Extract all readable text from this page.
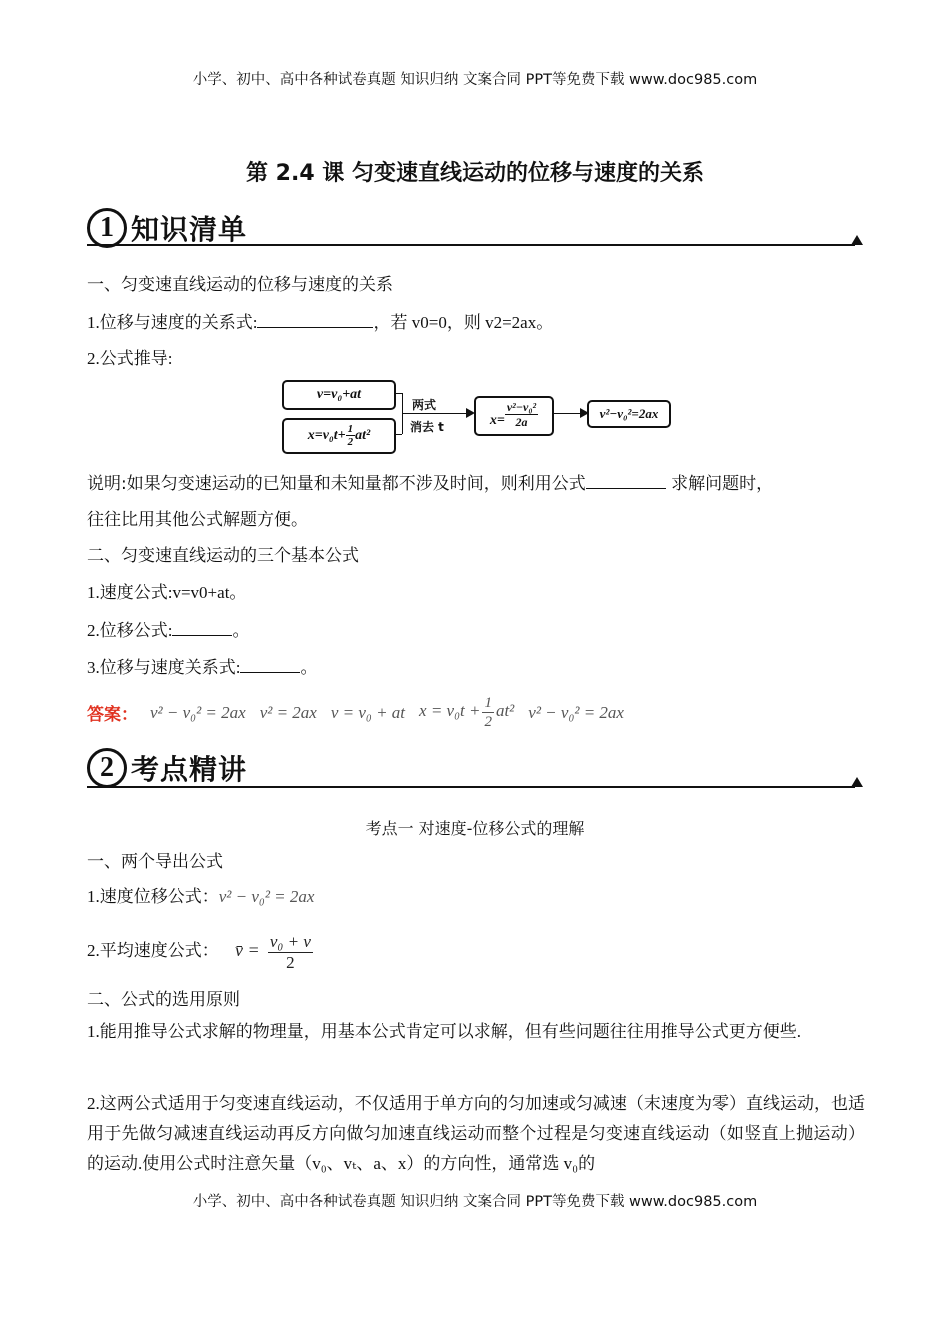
小学、初中、高中各种试卷真题 知识归纳 文案合同 PPT等免费下载 www.doc985.com
第 2.4 课 匀变速直线运动的位移与速度的关系
1 知识清单
一、匀变速直线运动的位移与速度的关系
1.位移与速度的关系式:	，若 v0=0，则 v2=2ax。
2.公式推导:
v=v₀+at
$x=v_0t+ \frac{1}{2} at^2$
两式
消去 t	$x= \frac{\text{v²−v₀²}}{2a}$	v²−v₀²=2ax
说明:如果匀变速运动的已知量和未知量都不涉及时间，则利用公式	求解问题时，
往往比用其他公式解题方便。
二、匀变速直线运动的三个基本公式
1.速度公式:v=v0+at。
2.位移公式:	。
3.位移与速度关系式:	。
答案： v² − v₀² = 2ax v² = 2ax v = v₀ + at $x = v_0t + \frac{1}{2} at^2$ v² − v₀² = 2ax
2 考点精讲
考点一 对速度-位移公式的理解
一、两个导出公式
1.速度位移公式：v² − v₀² = 2ax
2.平均速度公式： v̄ = $\frac{\text{v₀ + v}}{2}$
二、公式的选用原则
1.能用推导公式求解的物理量，用基本公式肯定可以求解，但有些问题往往用推导公式更方便些.
2.这两公式适用于匀变速直线运动，不仅适用于单方向的匀加速或匀减速（末速度为零）直线运动，也适用于先做匀减速直线运动再反方向做匀加速直线运动而整个过程是匀变速直线运动（如竖直上抛运动）的运动.使用公式时注意矢量（v₀、vₜ、a、x）的方向性，通常选 v₀的
小学、初中、高中各种试卷真题 知识归纳 文案合同 PPT等免费下载 www.doc985.com
